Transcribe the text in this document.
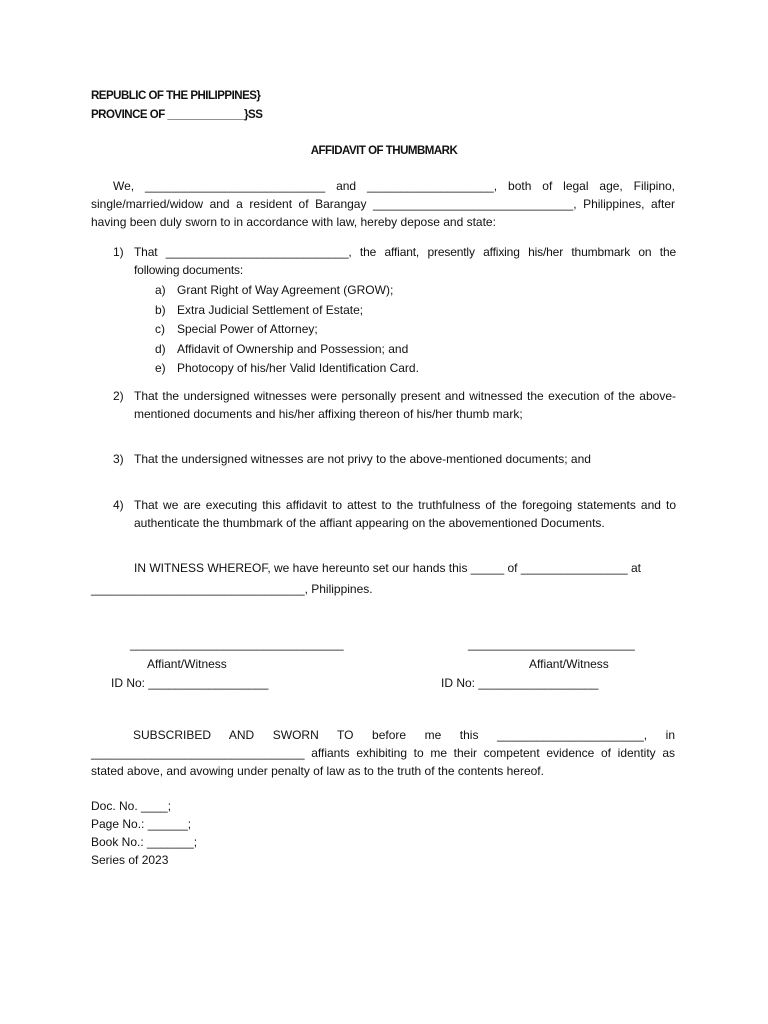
REPUBLIC OF THE PHILIPPINES}
PROVINCE OF _____________}SS
AFFIDAVIT OF THUMBMARK
We, ___________________________ and ___________________, both of legal age, Filipino, single/married/widow and a resident of Barangay ______________________________, Philippines, after having been duly sworn to in accordance with law, hereby depose and state:
1) That ____________________________, the affiant, presently affixing his/her thumbmark on the following documents:
a) Grant Right of Way Agreement (GROW);
b) Extra Judicial Settlement of Estate;
c) Special Power of Attorney;
d) Affidavit of Ownership and Possession; and
e) Photocopy of his/her Valid Identification Card.
2) That the undersigned witnesses were personally present and witnessed the execution of the above-mentioned documents and his/her affixing thereon of his/her thumb mark;
3) That the undersigned witnesses are not privy to the above-mentioned documents; and
4) That we are executing this affidavit to attest to the truthfulness of the foregoing statements and to authenticate the thumbmark of the affiant appearing on the abovementioned Documents.
IN WITNESS WHEREOF, we have hereunto set our hands this _____ of ________________ at
________________________________, Philippines.
________________________________
Affiant/Witness
ID No: __________________
_________________________
Affiant/Witness
ID No: __________________
SUBSCRIBED AND SWORN TO before me this ______________________, in ________________________________ affiants exhibiting to me their competent evidence of identity as stated above, and avowing under penalty of law as to the truth of the contents hereof.
Doc. No. ____;
Page No.: ______;
Book No.: _______;
Series of 2023
